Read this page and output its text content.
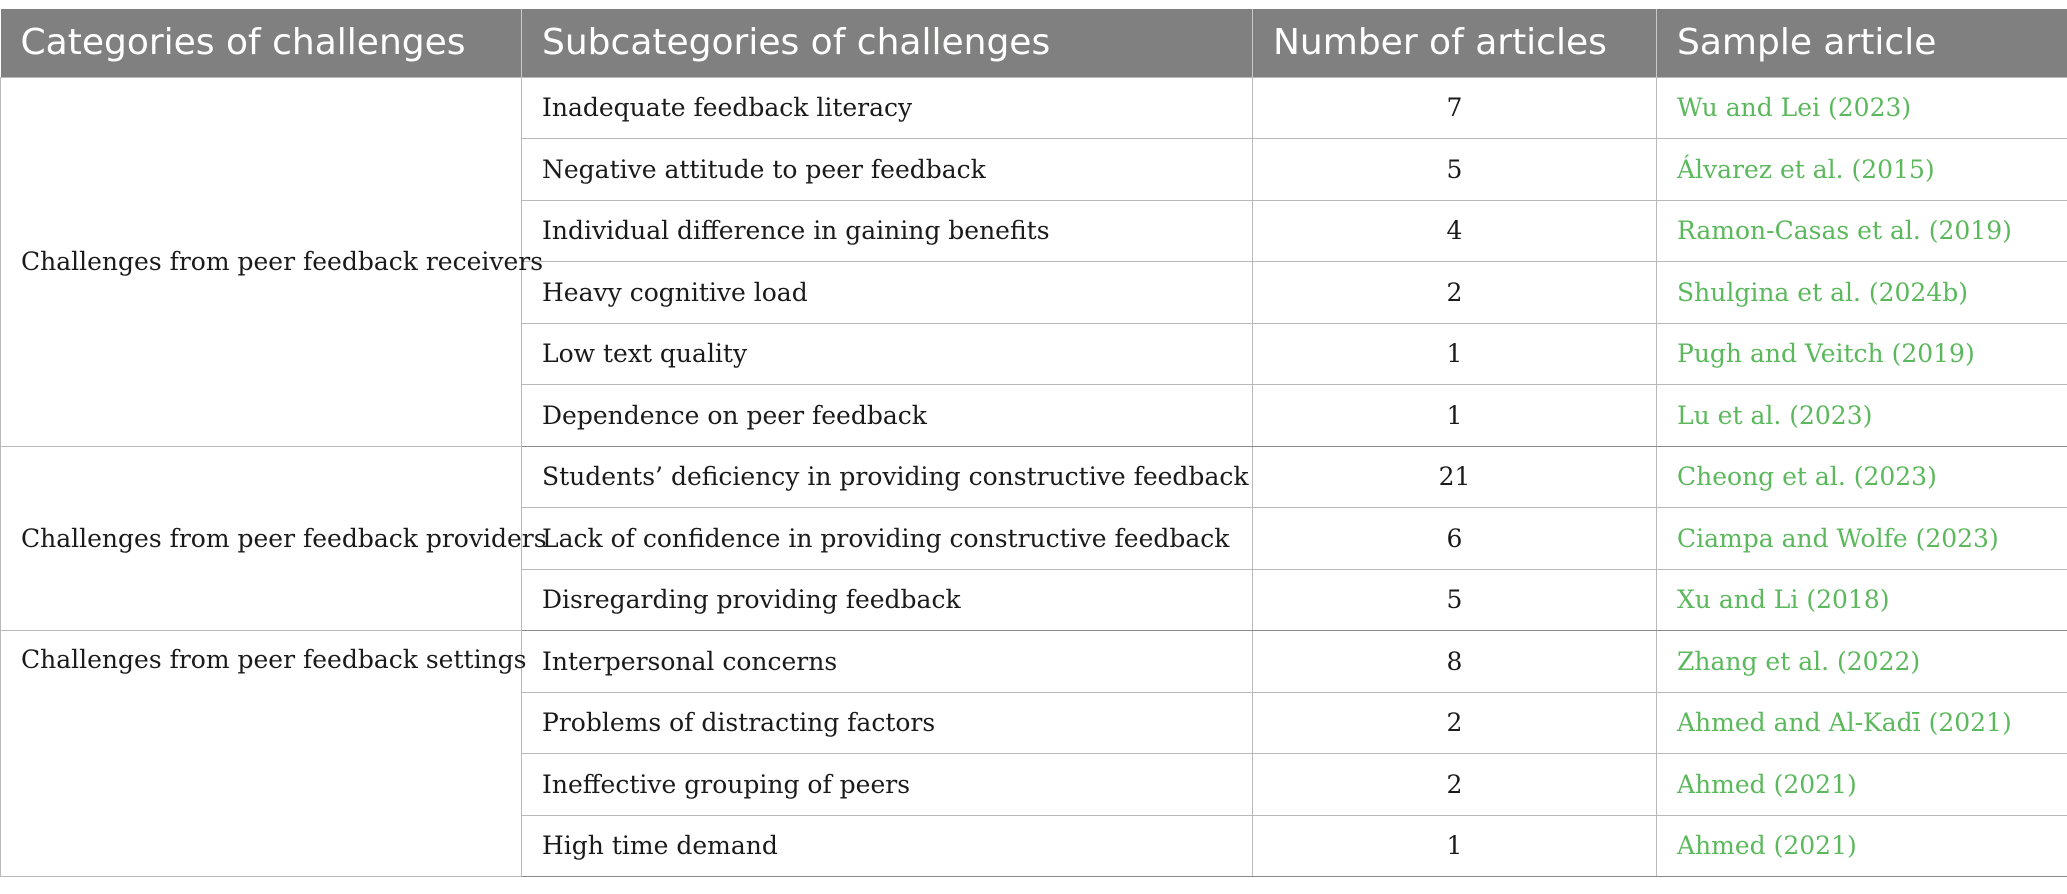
Categories of challenges	Subcategories of challenges	Number of articles	Sample article
Challenges from peer feedback receivers	Inadequate feedback literacy	7	Wu and Lei (2023)
	Negative attitude to peer feedback	5	Álvarez et al. (2015)
	Individual difference in gaining benefits	4	Ramon-Casas et al. (2019)
	Heavy cognitive load	2	Shulgina et al. (2024b)
	Low text quality	1	Pugh and Veitch (2019)
	Dependence on peer feedback	1	Lu et al. (2023)
Challenges from peer feedback providers	Students’ deficiency in providing constructive feedback	21	Cheong et al. (2023)
	Lack of confidence in providing constructive feedback	6	Ciampa and Wolfe (2023)
	Disregarding providing feedback	5	Xu and Li (2018)
Challenges from peer feedback settings	Interpersonal concerns	8	Zhang et al. (2022)
	Problems of distracting factors	2	Ahmed and Al-Kadī (2021)
	Ineffective grouping of peers	2	Ahmed (2021)
	High time demand	1	Ahmed (2021)
